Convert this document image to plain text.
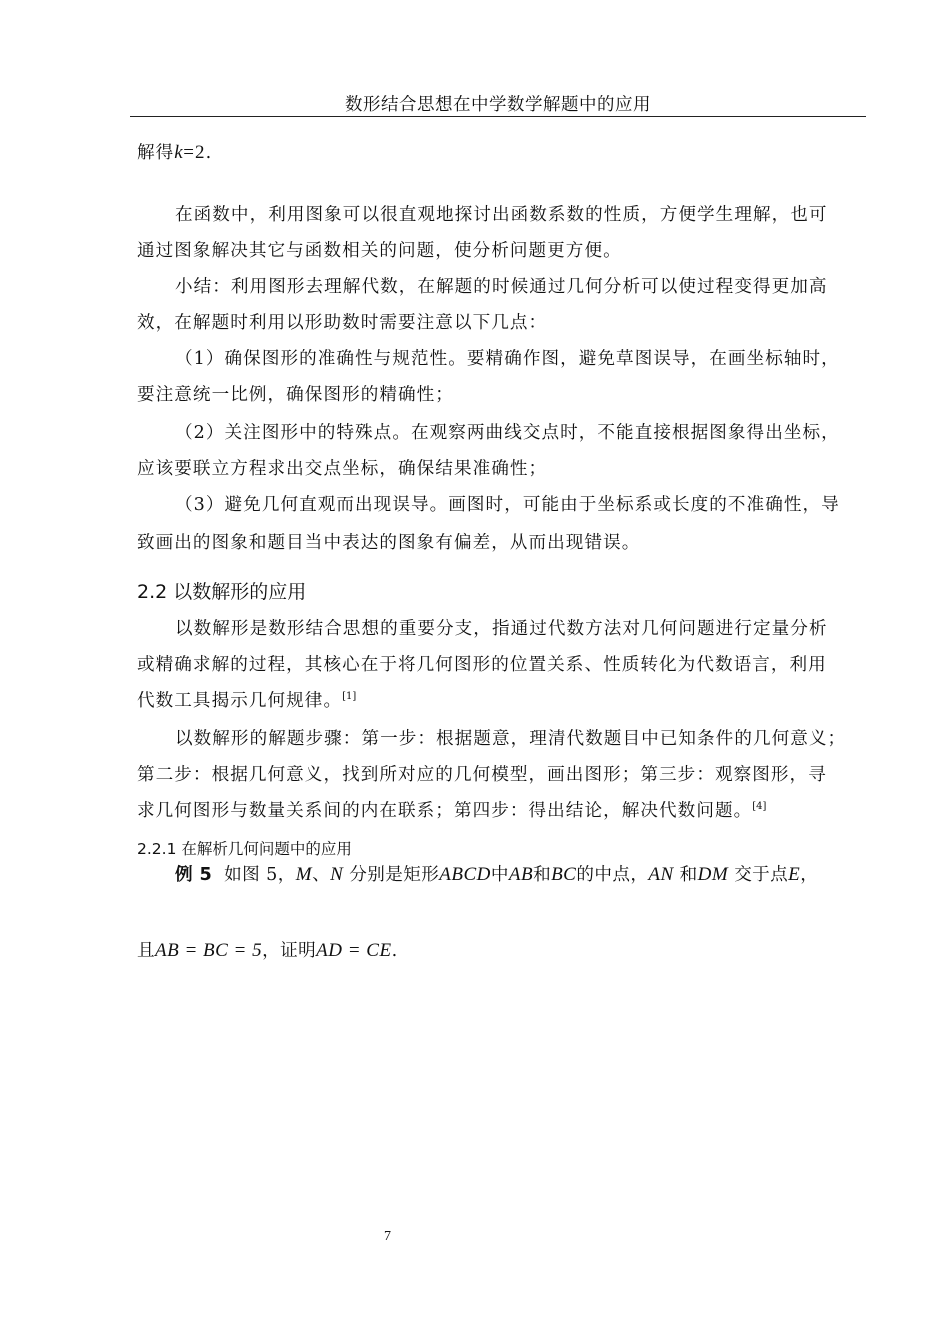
数形结合思想在中学数学解题中的应用
解得k=2.
在函数中，利用图象可以很直观地探讨出函数系数的性质，方便学生理解，也可
通过图象解决其它与函数相关的问题，使分析问题更方便。
小结：利用图形去理解代数，在解题的时候通过几何分析可以使过程变得更加高
效，在解题时利用以形助数时需要注意以下几点：
（1）确保图形的准确性与规范性。要精确作图，避免草图误导，在画坐标轴时，
要注意统一比例，确保图形的精确性；
（2）关注图形中的特殊点。在观察两曲线交点时，不能直接根据图象得出坐标，
应该要联立方程求出交点坐标，确保结果准确性；
（3）避免几何直观而出现误导。画图时，可能由于坐标系或长度的不准确性，导
致画出的图象和题目当中表达的图象有偏差，从而出现错误。
2.2 以数解形的应用
以数解形是数形结合思想的重要分支，指通过代数方法对几何问题进行定量分析
或精确求解的过程，其核心在于将几何图形的位置关系、性质转化为代数语言，利用
代数工具揭示几何规律。[1]
以数解形的解题步骤：第一步：根据题意，理清代数题目中已知条件的几何意义；
第二步：根据几何意义，找到所对应的几何模型，画出图形；第三步：观察图形，寻
求几何图形与数量关系间的内在联系；第四步：得出结论，解决代数问题。[4]
2.2.1 在解析几何问题中的应用
例 5 如图 5，M、N 分别是矩形ABCD中AB和BC的中点，AN 和DM 交于点E，
且AB = BC = 5，证明AD = CE.
7
